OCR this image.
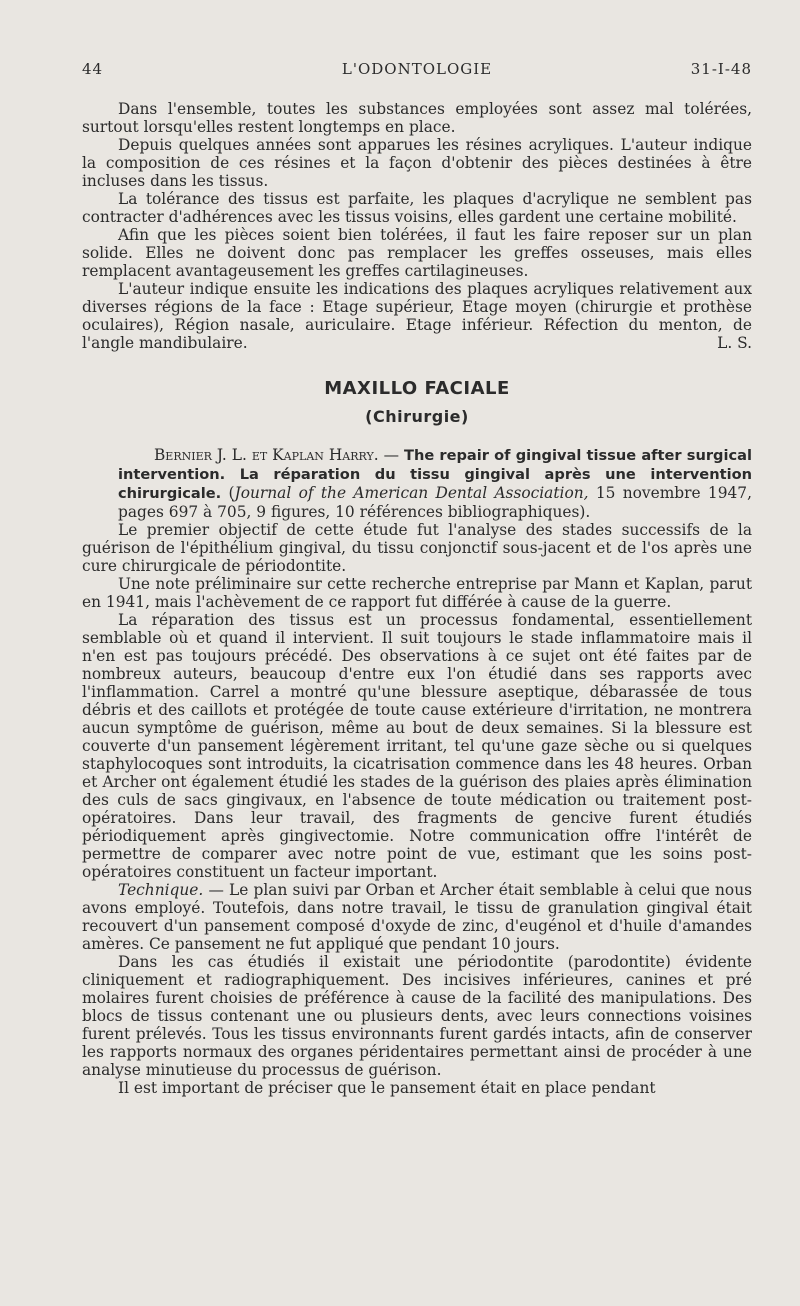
44	L'ODONTOLOGIE	31-I-48

Dans l'ensemble, toutes les substances employées sont assez mal tolérées, surtout lorsqu'elles restent longtemps en place.

Depuis quelques années sont apparues les résines acryliques. L'auteur indique la composition de ces résines et la façon d'obtenir des pièces destinées à être incluses dans les tissus.

La tolérance des tissus est parfaite, les plaques d'acrylique ne semblent pas contracter d'adhérences avec les tissus voisins, elles gardent une certaine mobilité.

Afin que les pièces soient bien tolérées, il faut les faire reposer sur un plan solide. Elles ne doivent donc pas remplacer les greffes osseuses, mais elles remplacent avantageusement les greffes cartilagineuses.

L'auteur indique ensuite les indications des plaques acryliques relativement aux diverses régions de la face : Etage supérieur, Etage moyen (chirurgie et prothèse oculaires), Région nasale, auriculaire. Etage inférieur. Réfection du menton, de l'angle mandibulaire.	L. S.

MAXILLO FACIALE
(Chirurgie)

Bernier J. L. et Kaplan Harry. — The repair of gingival tissue after surgical intervention. La réparation du tissu gingival après une intervention chirurgicale. (Journal of the American Dental Association, 15 novembre 1947, pages 697 à 705, 9 figures, 10 références bibliographiques).

Le premier objectif de cette étude fut l'analyse des stades successifs de la guérison de l'épithélium gingival, du tissu conjonctif sous-jacent et de l'os après une cure chirurgicale de périodontite.

Une note préliminaire sur cette recherche entreprise par Mann et Kaplan, parut en 1941, mais l'achèvement de ce rapport fut différée à cause de la guerre.

La réparation des tissus est un processus fondamental, essentiellement semblable où et quand il intervient. Il suit toujours le stade inflammatoire mais il n'en est pas toujours précédé. Des observations à ce sujet ont été faites par de nombreux auteurs, beaucoup d'entre eux l'on étudié dans ses rapports avec l'inflammation. Carrel a montré qu'une blessure aseptique, débarassée de tous débris et des caillots et protégée de toute cause extérieure d'irritation, ne montrera aucun symptôme de guérison, même au bout de deux semaines. Si la blessure est couverte d'un pansement légèrement irritant, tel qu'une gaze sèche ou si quelques staphylocoques sont introduits, la cicatrisation commence dans les 48 heures. Orban et Archer ont également étudié les stades de la guérison des plaies après élimination des culs de sacs gingivaux, en l'absence de toute médication ou traitement post-opératoires. Dans leur travail, des fragments de gencive furent étudiés périodiquement après gingivectomie. Notre communication offre l'intérêt de permettre de comparer avec notre point de vue, estimant que les soins post-opératoires constituent un facteur important.

Technique. — Le plan suivi par Orban et Archer était semblable à celui que nous avons employé. Toutefois, dans notre travail, le tissu de granulation gingival était recouvert d'un pansement composé d'oxyde de zinc, d'eugénol et d'huile d'amandes amères. Ce pansement ne fut appliqué que pendant 10 jours.

Dans les cas étudiés il existait une périodontite (parodontite) évidente cliniquement et radiographiquement. Des incisives inférieures, canines et pré molaires furent choisies de préférence à cause de la facilité des manipulations. Des blocs de tissus contenant une ou plusieurs dents, avec leurs connections voisines furent prélevés. Tous les tissus environnants furent gardés intacts, afin de conserver les rapports normaux des organes péridentaires permettant ainsi de procéder à une analyse minutieuse du processus de guérison.

Il est important de préciser que le pansement était en place pendant
